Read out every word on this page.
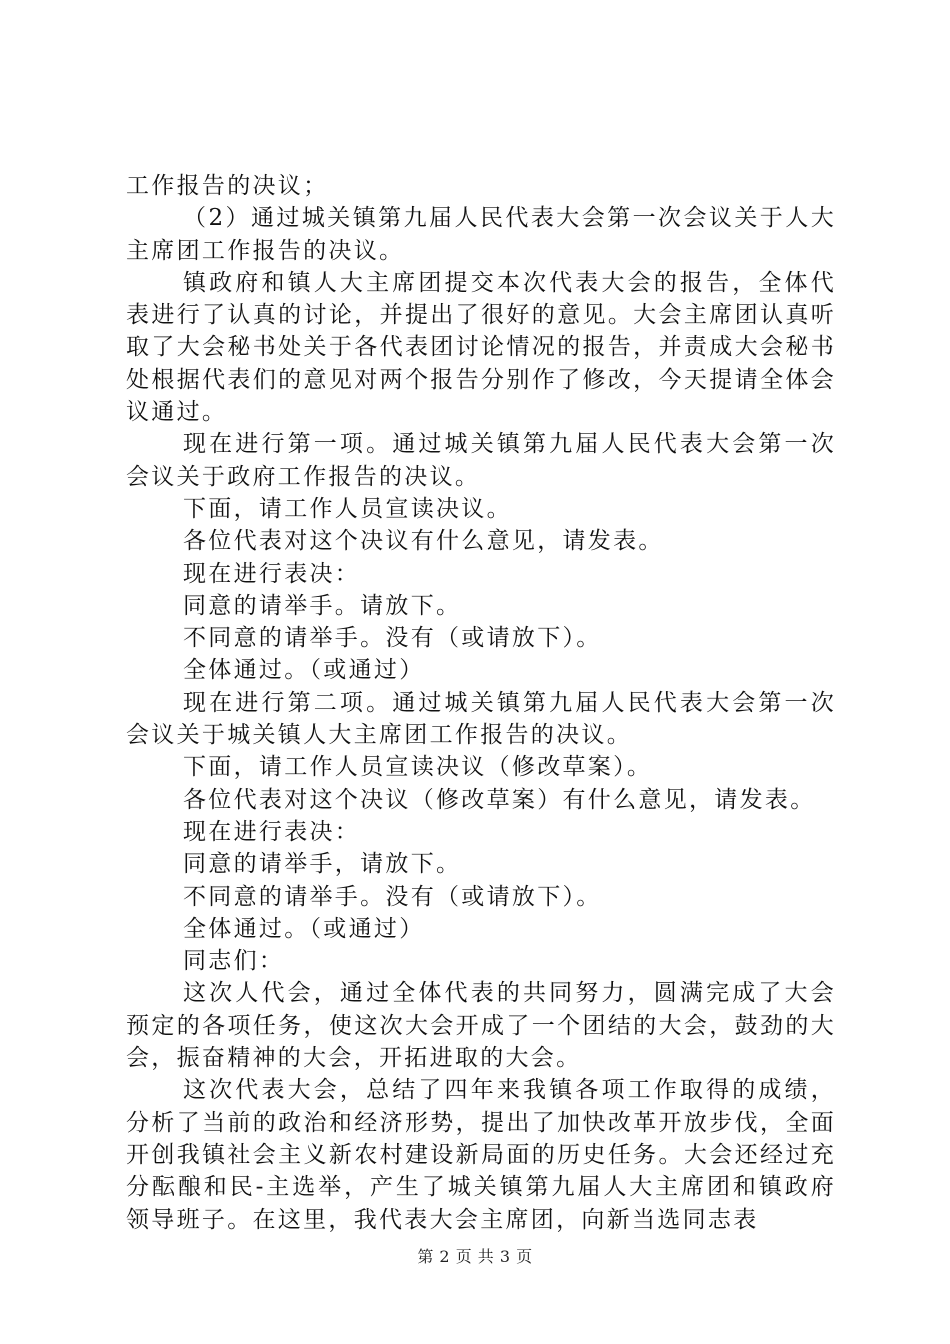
工作报告的决议；

（2）通过城关镇第九届人民代表大会第一次会议关于人大主席团工作报告的决议。

镇政府和镇人大主席团提交本次代表大会的报告，全体代表进行了认真的讨论，并提出了很好的意见。大会主席团认真听取了大会秘书处关于各代表团讨论情况的报告，并责成大会秘书处根据代表们的意见对两个报告分别作了修改，今天提请全体会议通过。

现在进行第一项。通过城关镇第九届人民代表大会第一次会议关于政府工作报告的决议。

下面，请工作人员宣读决议。

各位代表对这个决议有什么意见，请发表。

现在进行表决：

同意的请举手。请放下。

不同意的请举手。没有（或请放下）。

全体通过。（或通过）

现在进行第二项。通过城关镇第九届人民代表大会第一次会议关于城关镇人大主席团工作报告的决议。

下面，请工作人员宣读决议（修改草案）。

各位代表对这个决议（修改草案）有什么意见，请发表。

现在进行表决：

同意的请举手，请放下。

不同意的请举手。没有（或请放下）。

全体通过。（或通过）

同志们：

这次人代会，通过全体代表的共同努力，圆满完成了大会预定的各项任务，使这次大会开成了一个团结的大会，鼓劲的大会，振奋精神的大会，开拓进取的大会。

这次代表大会，总结了四年来我镇各项工作取得的成绩，分析了当前的政治和经济形势，提出了加快改革开放步伐，全面开创我镇社会主义新农村建设新局面的历史任务。大会还经过充分酝酿和民-主选举，产生了城关镇第九届人大主席团和镇政府领导班子。在这里，我代表大会主席团，向新当选同志表

第 2 页 共 3 页
